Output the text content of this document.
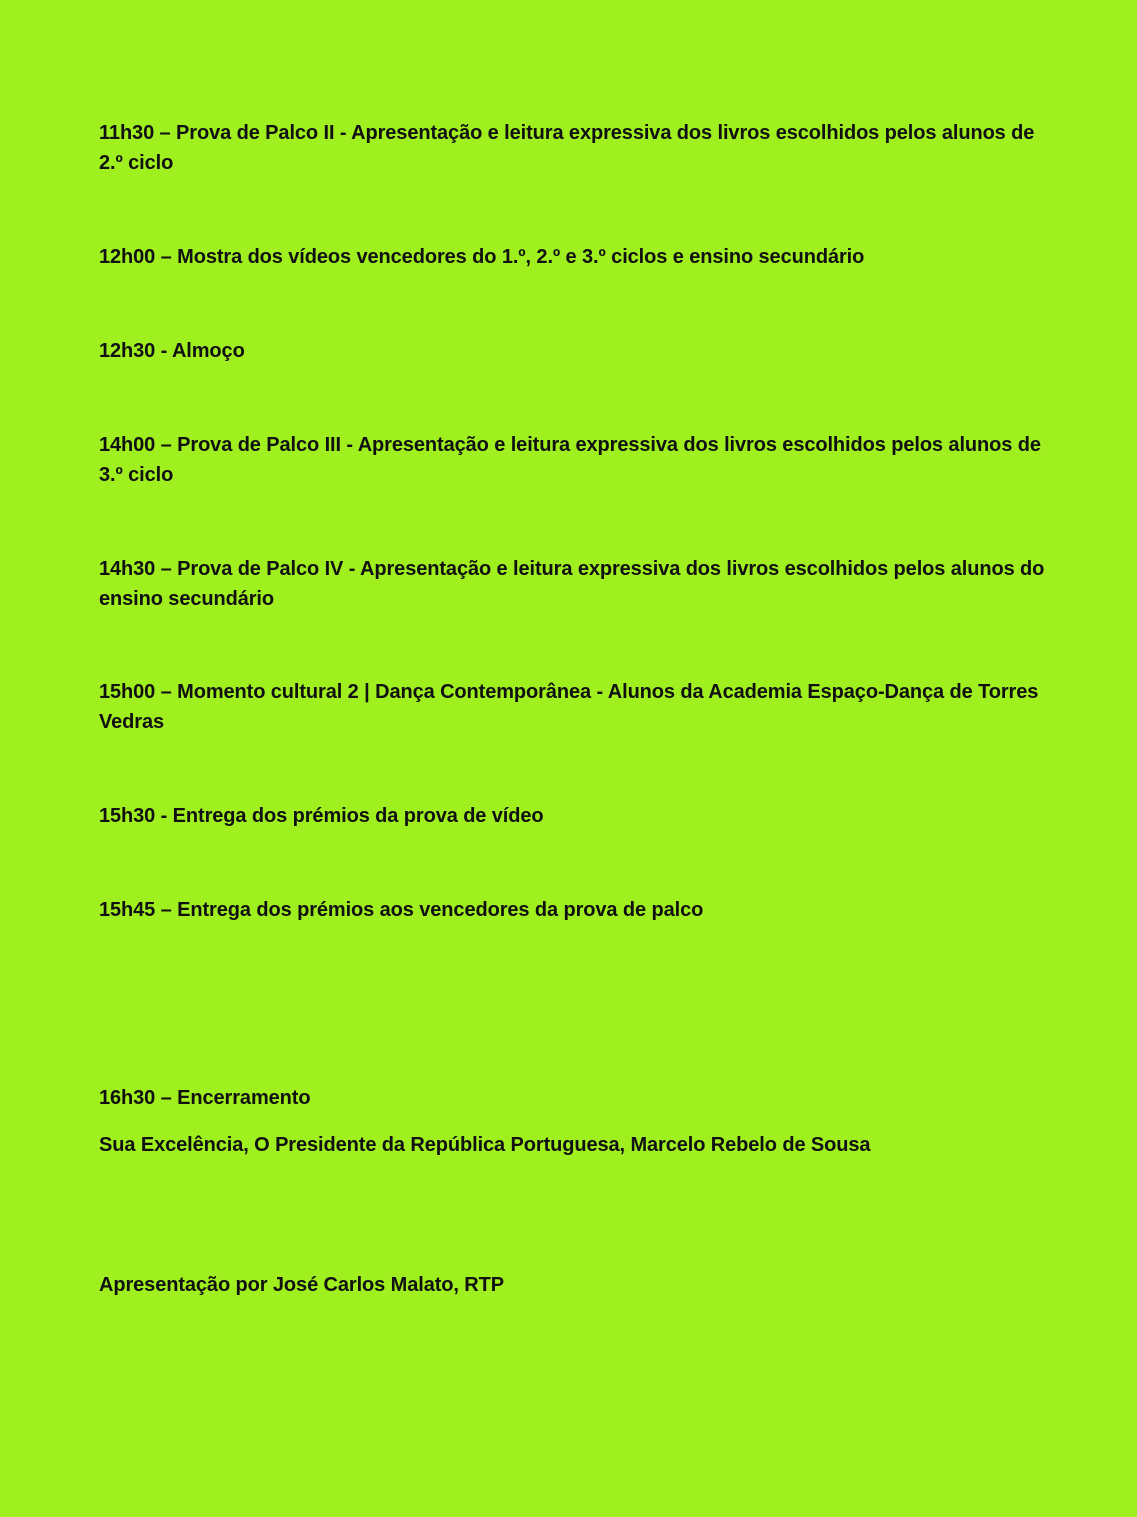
11h30 – Prova de Palco II - Apresentação e leitura expressiva dos livros escolhidos pelos alunos de 2.º ciclo
12h00 – Mostra dos vídeos vencedores do 1.º, 2.º e 3.º ciclos e ensino secundário
12h30 - Almoço
14h00 – Prova de Palco III - Apresentação e leitura expressiva dos livros escolhidos pelos alunos de 3.º ciclo
14h30 – Prova de Palco IV - Apresentação e leitura expressiva dos livros escolhidos pelos alunos do ensino secundário
15h00 – Momento cultural 2 | Dança Contemporânea - Alunos da Academia Espaço-Dança de Torres Vedras
15h30 - Entrega dos prémios da prova de vídeo
15h45 – Entrega dos prémios aos vencedores da prova de palco
16h30 – Encerramento
Sua Excelência, O Presidente da República Portuguesa, Marcelo Rebelo de Sousa
Apresentação por José Carlos Malato, RTP
